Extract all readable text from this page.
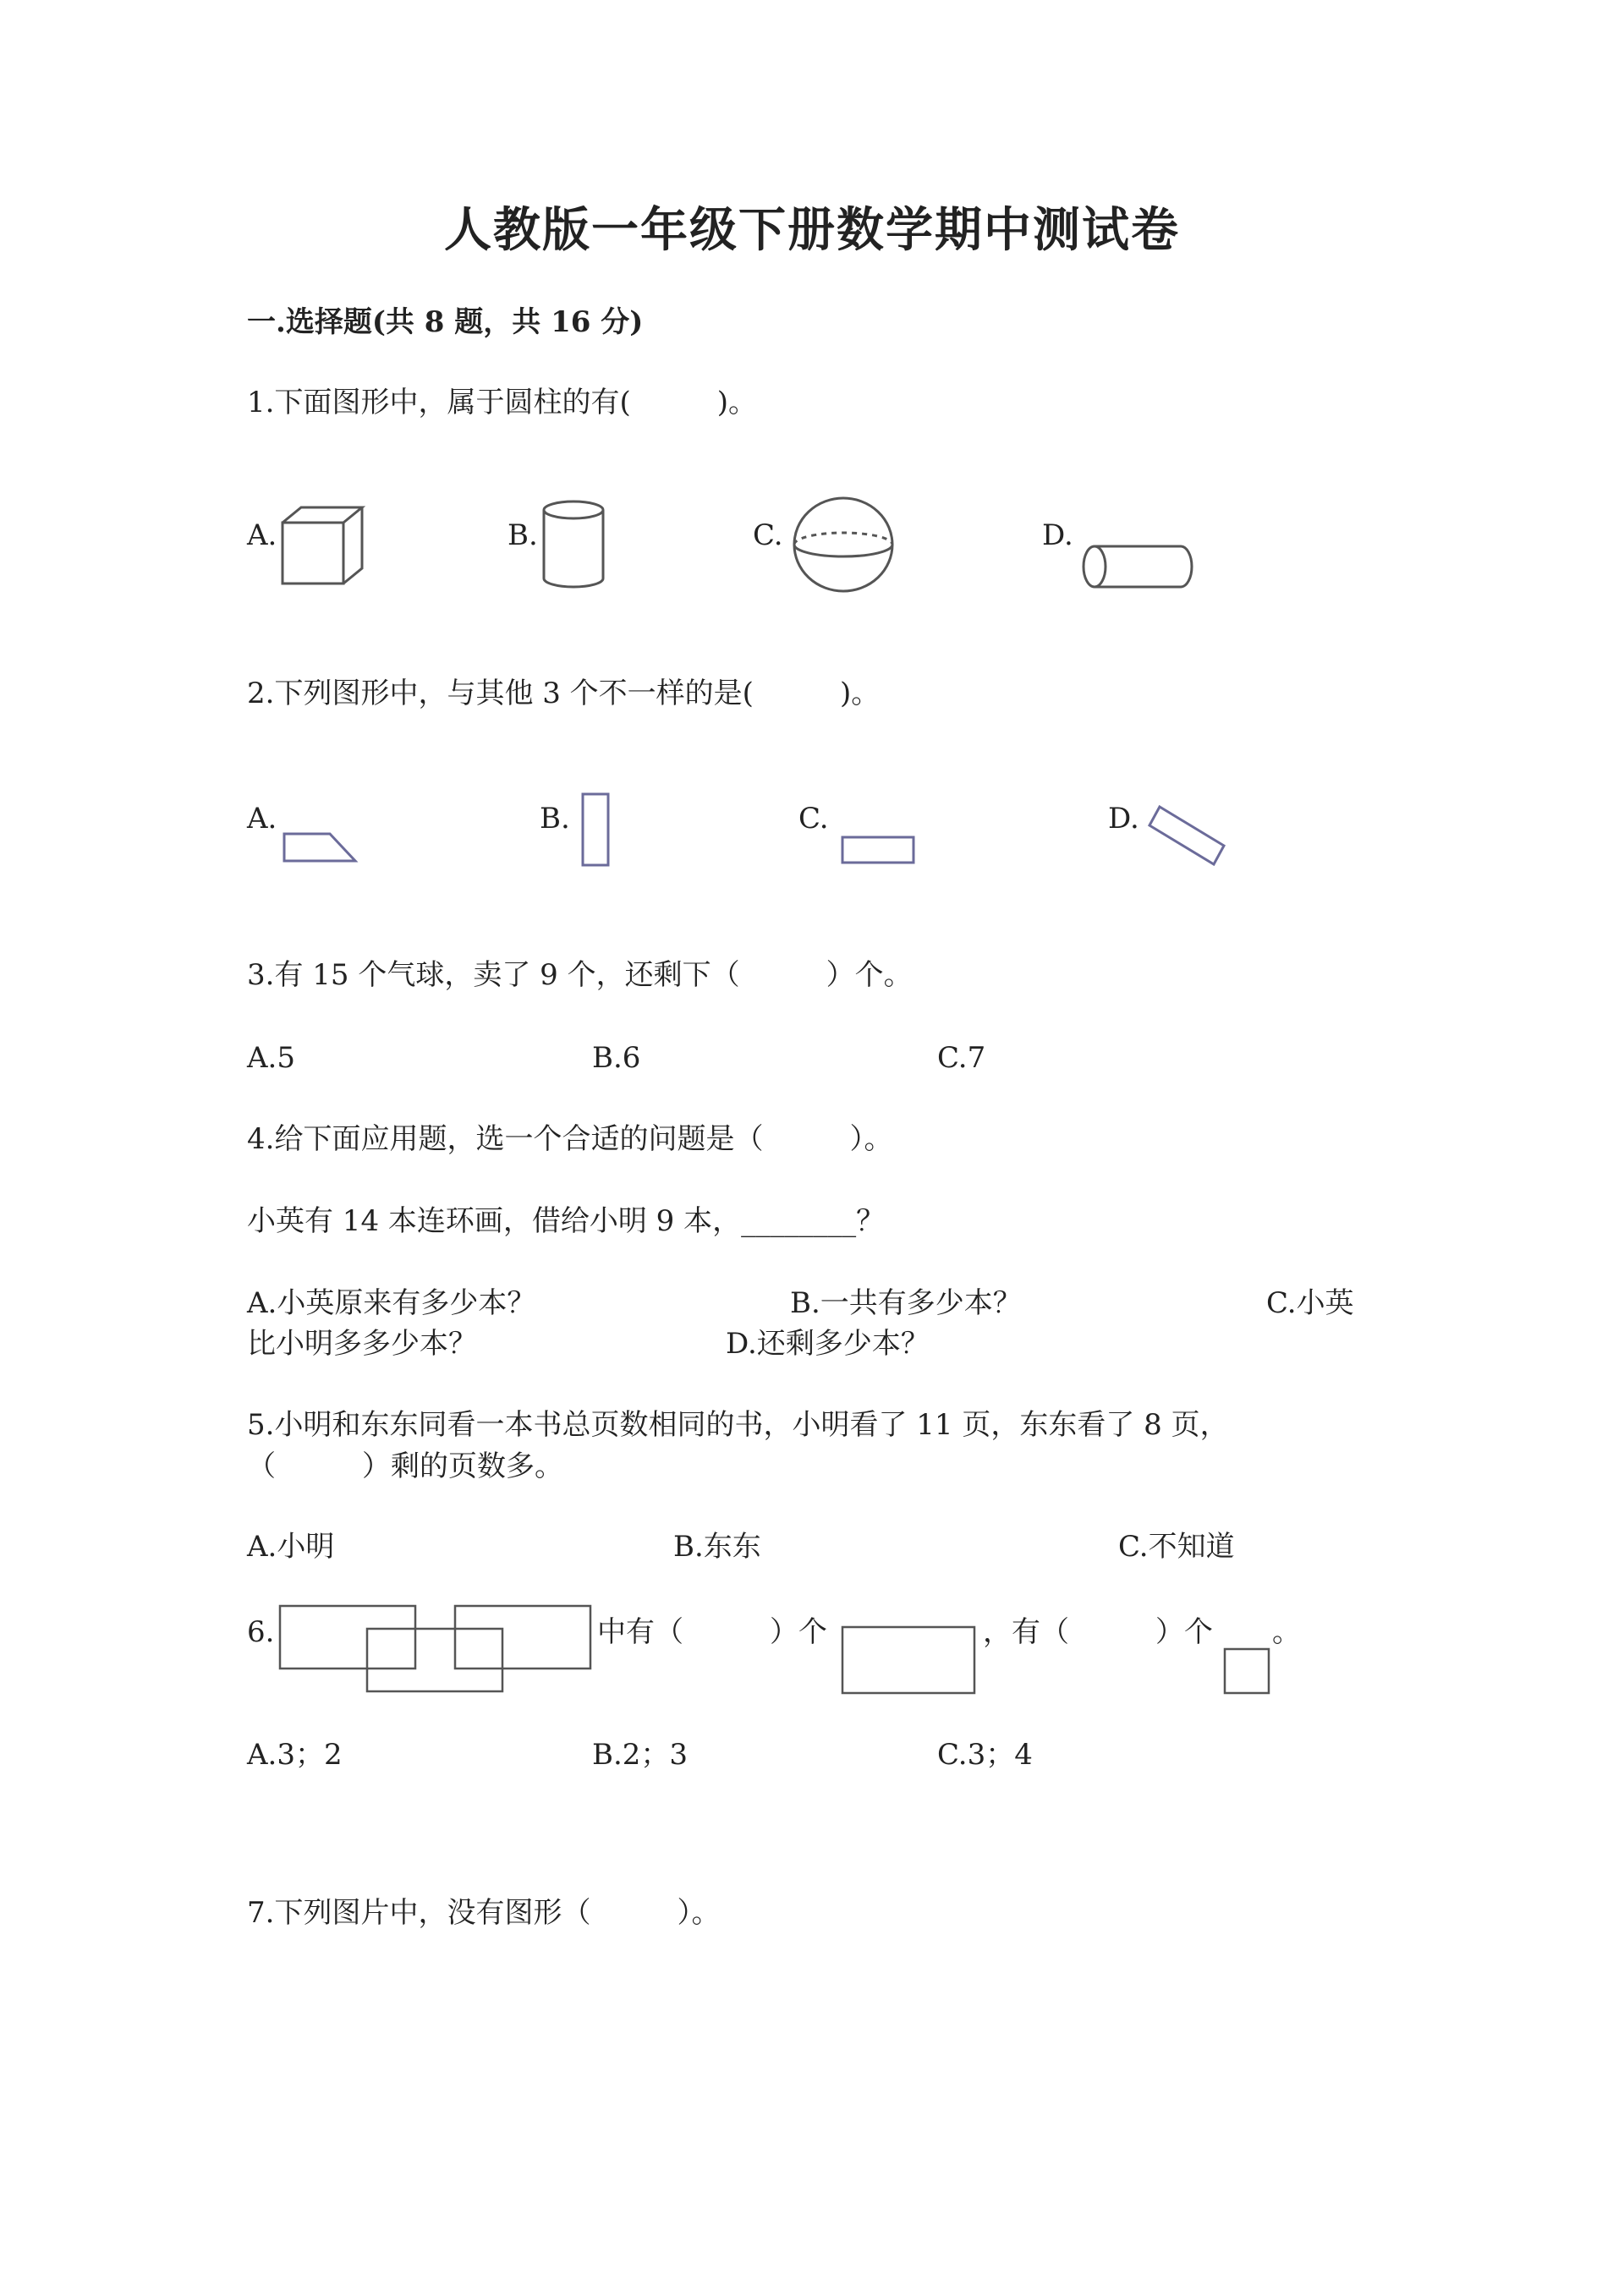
人教版一年级下册数学期中测试卷
一.选择题(共 8 题，共 16 分)
1.下面图形中，属于圆柱的有(　　　)。
A.	B.	C.	D.
2.下列图形中，与其他 3 个不一样的是(　　　)。
A.	B.	C.	D.
3.有 15 个气球，卖了 9 个，还剩下（　　　）个。
A.5	B.6	C.7
4.给下面应用题，选一个合适的问题是（　　　）。
小英有 14 本连环画，借给小明 9 本，________？
A.小英原来有多少本？	B.一共有多少本？	C.小英
比小明多多少本？	D.还剩多少本？
5.小明和东东同看一本书总页数相同的书，小明看了 11 页，东东看了 8 页，
（　　　）剩的页数多。
A.小明	B.东东	C.不知道
6.	中有（　　　）个	，有（　　　）个 。
A.3；2	B.2；3	C.3；4
7.下列图片中，没有图形（　　　）。
